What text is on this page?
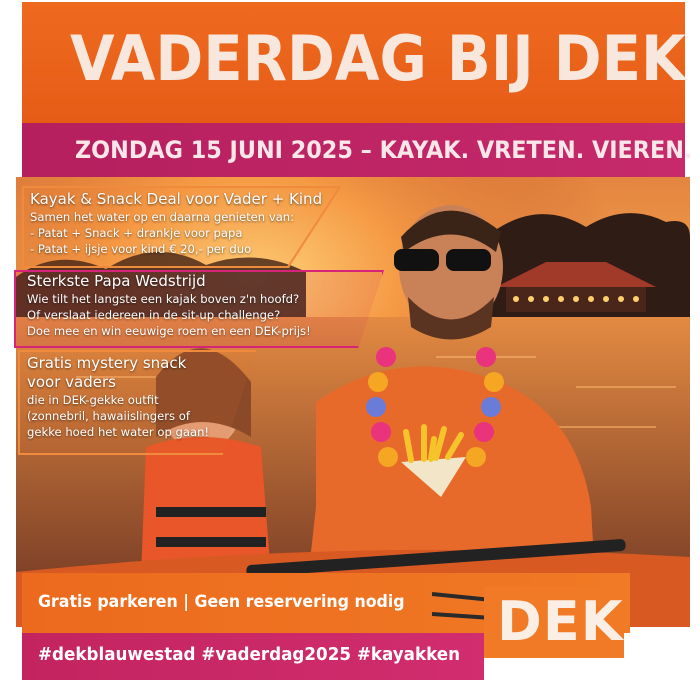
VADERDAG BIJ DEK
ZONDAG 15 JUNI 2025 – KAYAK. VRETEN. VIEREN.
Kayak & Snack Deal voor Vader + Kind
Samen het water op en daarna genieten van:
- Patat + Snack + drankje voor papa
- Patat + ijsje voor kind € 20,- per duo
Sterkste Papa Wedstrijd
Wie tilt het langste een kajak boven z'n hoofd?
Of verslaat iedereen in de sit-up challenge?
Doe mee en win eeuwige roem en een DEK-prijs!
Gratis mystery snack
voor vaders
die in DEK-gekke outfit
(zonnebril, hawaiislingers of
gekke hoed het water op gaan!
Gratis parkeren | Geen reservering nodig DEK
#dekblauwestad #vaderdag2025 #kayakken
